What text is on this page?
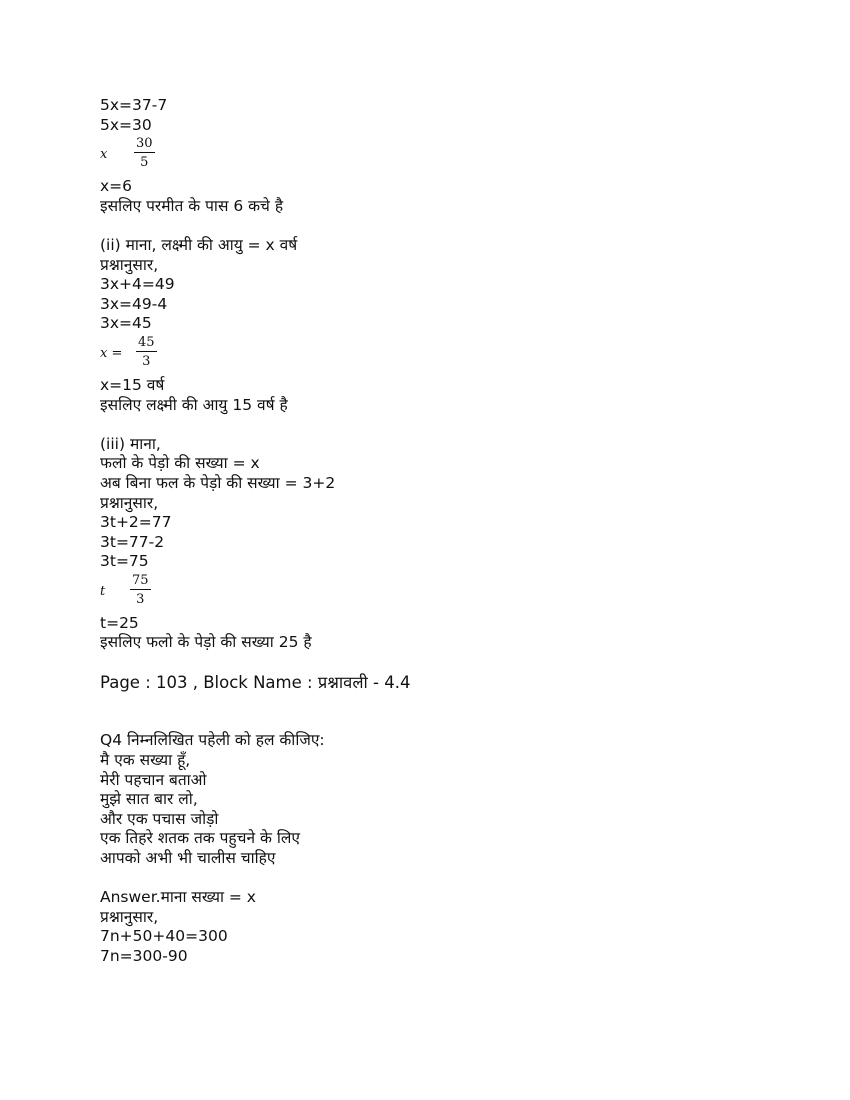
5x=37-7
5x=30
x $\frac{30}{5}$
x=6
इसलिए परमीत के पास 6 कचे है
(ii) माना, लक्ष्मी की आयु = x वर्ष
प्रश्नानुसार,
3x+4=49
3x=49-4
3x=45
$x = \frac{45}{3}$
x=15 वर्ष
इसलिए लक्ष्मी की आयु 15 वर्ष है
(iii) माना,
फलो के पेड़ो की सख्या = x
अब बिना फल के पेड़ो की सख्या = 3+2
प्रश्नानुसार,
3t+2=77
3t=77-2
3t=75
t $\frac{75}{3}$
t=25
इसलिए फलो के पेड़ो की सख्या 25 है
Page : 103 , Block Name : प्रश्नावली - 4.4
Q4 निम्नलिखित पहेली को हल कीजिए:
मै एक सख्या हूँ,
मेरी पहचान बताओ
मुझे सात बार लो,
और एक पचास जोड़ो
एक तिहरे शतक तक पहुचने के लिए
आपको अभी भी चालीस चाहिए
Answer.माना सख्या = x
प्रश्नानुसार,
7n+50+40=300
7n=300-90
